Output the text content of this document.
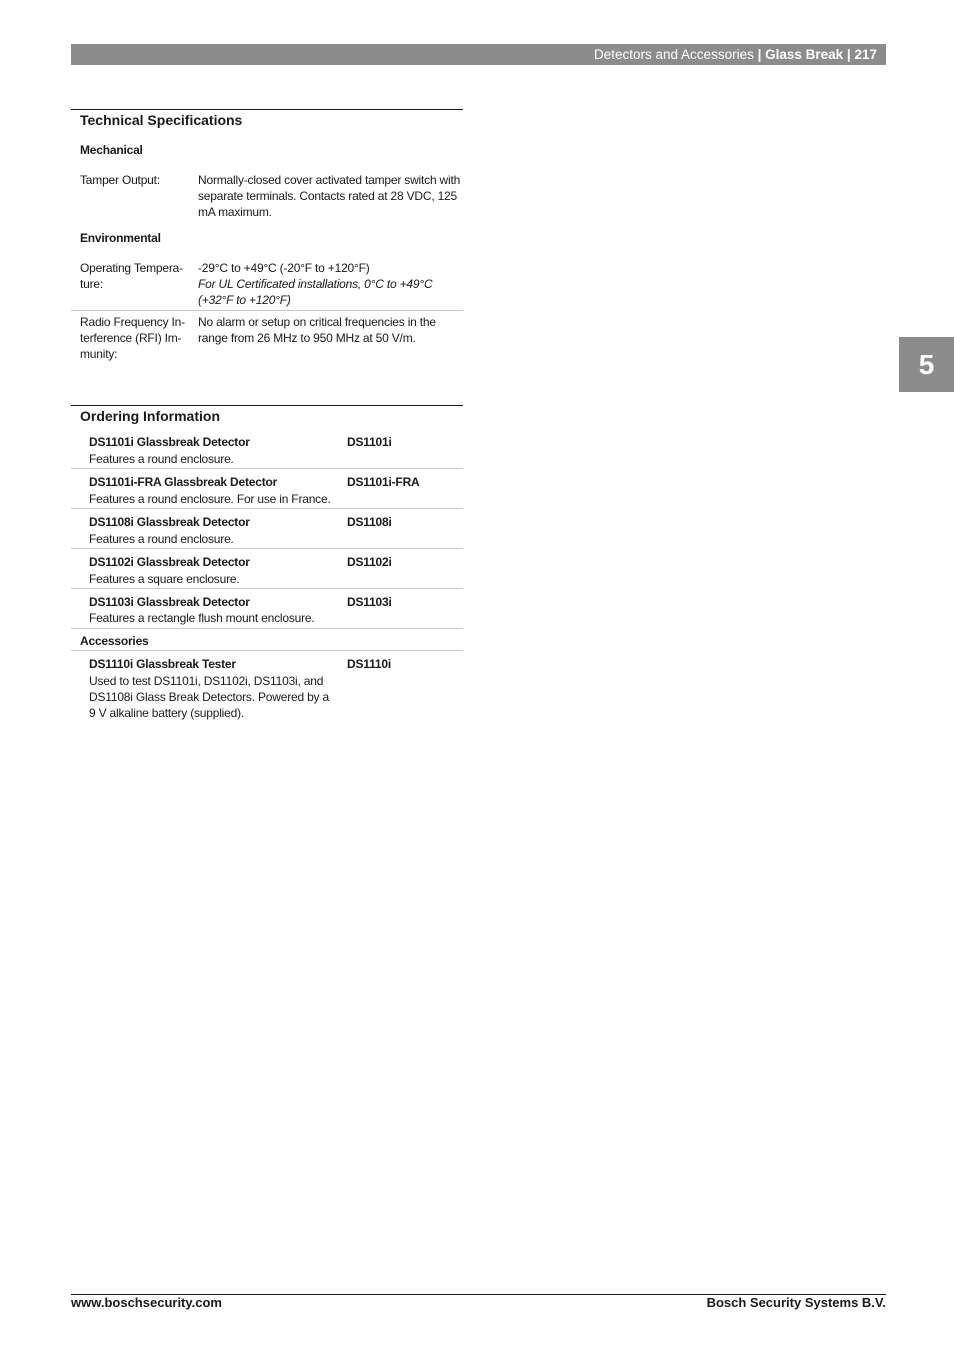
Detectors and Accessories | Glass Break | 217
5
Technical Specifications
Mechanical
Tamper Output:	Normally-closed cover activated tamper switch with separate terminals. Contacts rated at 28 VDC, 125 mA maximum.
Environmental
Operating Tempera-ture:
-29°C to +49°C (-20°F to +120°F)
For UL Certificated installations, 0°C to +49°C (+32°F to +120°F)
Radio Frequency In-terference (RFI) Im-munity:
No alarm or setup on critical frequencies in the range from 26 MHz to 950 MHz at 50 V/m.
Ordering Information
DS1101i Glassbreak Detector	DS1101i
Features a round enclosure.
DS1101i-FRA Glassbreak Detector	DS1101i-FRA
Features a round enclosure. For use in France.
DS1108i Glassbreak Detector	DS1108i
Features a round enclosure.
DS1102i Glassbreak Detector	DS1102i
Features a square enclosure.
DS1103i Glassbreak Detector	DS1103i
Features a rectangle flush mount enclosure.
Accessories
DS1110i Glassbreak Tester	DS1110i
Used to test DS1101i, DS1102i, DS1103i, and DS1108i Glass Break Detectors. Powered by a 9 V alkaline battery (supplied).
www.boschsecurity.com	Bosch Security Systems B.V.
